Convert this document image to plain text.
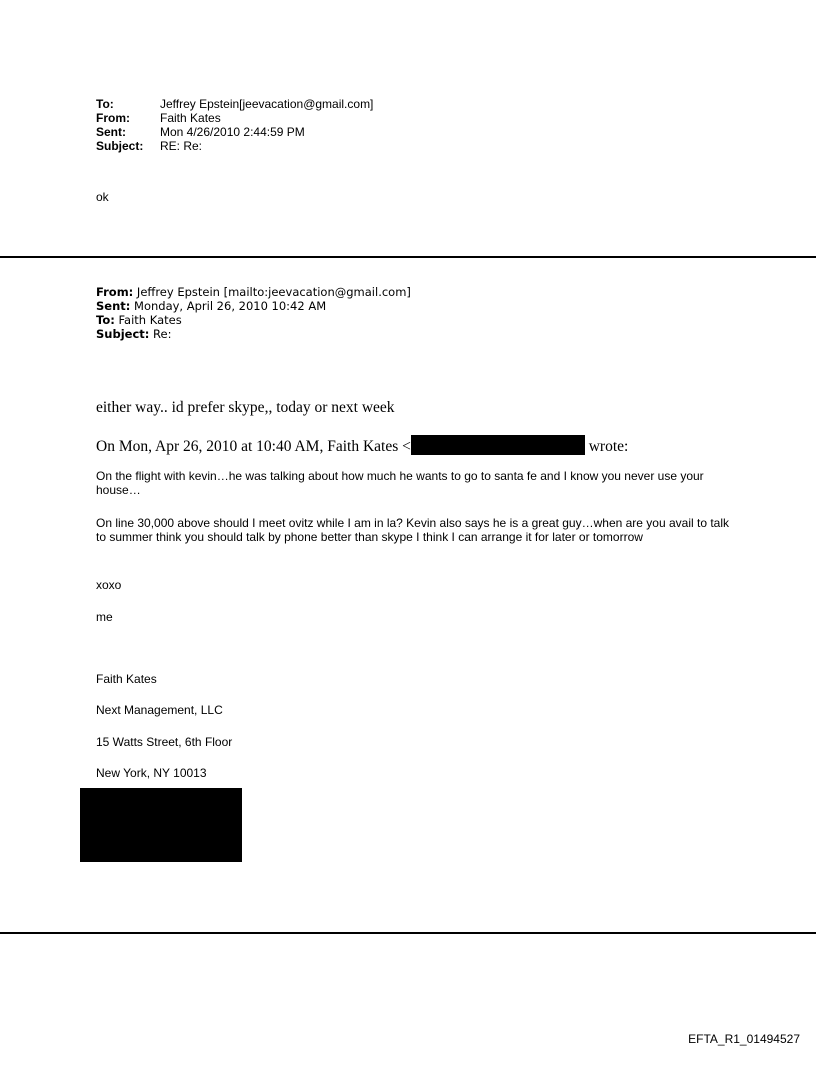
To:	Jeffrey Epstein[jeevacation@gmail.com]
From:	Faith Kates
Sent:	Mon 4/26/2010 2:44:59 PM
Subject:	RE: Re:
ok
From: Jeffrey Epstein [mailto:jeevacation@gmail.com]
Sent: Monday, April 26, 2010 10:42 AM
To: Faith Kates
Subject: Re:
either way.. id prefer skype,, today or next week
On Mon, Apr 26, 2010 at 10:40 AM, Faith Kates <	wrote:
On the flight with kevin…he was talking about how much he wants to go to santa fe and I know you never use your house…
On line 30,000 above should I meet ovitz while I am in la? Kevin also says he is a great guy…when are you avail to talk to summer think you should talk by phone better than skype I think I can arrange it for later or tomorrow
xoxo
me
Faith Kates
Next Management, LLC
15 Watts Street, 6th Floor
New York, NY 10013
EFTA_R1_01494527
